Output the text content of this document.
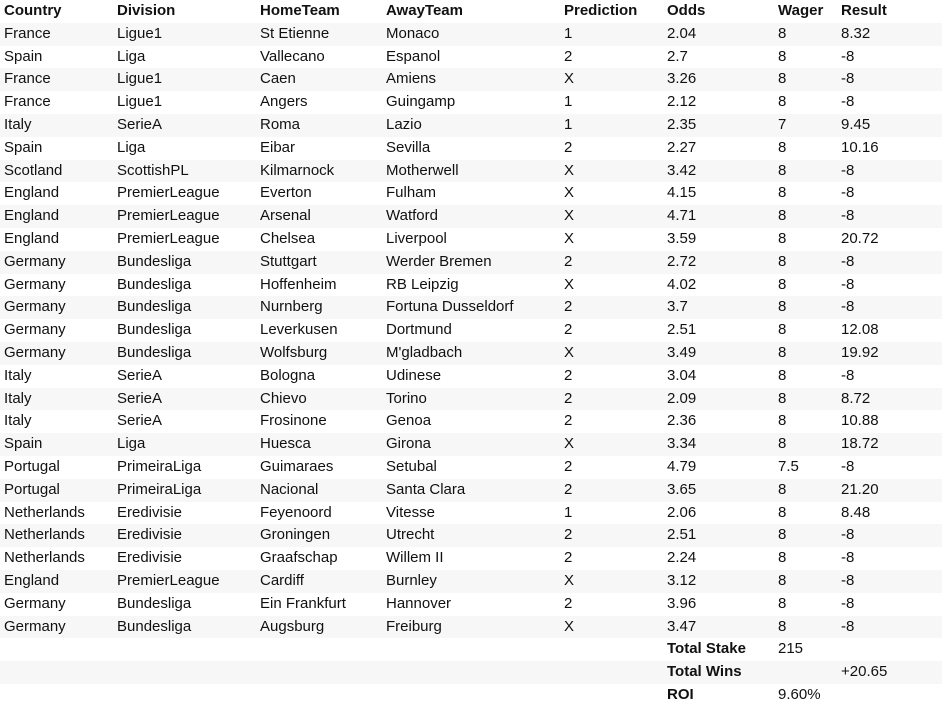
Country	Division	HomeTeam	AwayTeam	Prediction	Odds	Wager	Result
France	Ligue1	St Etienne	Monaco	1	2.04	8	8.32
Spain	Liga	Vallecano	Espanol	2	2.7	8	-8
France	Ligue1	Caen	Amiens	X	3.26	8	-8
France	Ligue1	Angers	Guingamp	1	2.12	8	-8
Italy	SerieA	Roma	Lazio	1	2.35	7	9.45
Spain	Liga	Eibar	Sevilla	2	2.27	8	10.16
Scotland	ScottishPL	Kilmarnock	Motherwell	X	3.42	8	-8
England	PremierLeague	Everton	Fulham	X	4.15	8	-8
England	PremierLeague	Arsenal	Watford	X	4.71	8	-8
England	PremierLeague	Chelsea	Liverpool	X	3.59	8	20.72
Germany	Bundesliga	Stuttgart	Werder Bremen	2	2.72	8	-8
Germany	Bundesliga	Hoffenheim	RB Leipzig	X	4.02	8	-8
Germany	Bundesliga	Nurnberg	Fortuna Dusseldorf	2	3.7	8	-8
Germany	Bundesliga	Leverkusen	Dortmund	2	2.51	8	12.08
Germany	Bundesliga	Wolfsburg	M'gladbach	X	3.49	8	19.92
Italy	SerieA	Bologna	Udinese	2	3.04	8	-8
Italy	SerieA	Chievo	Torino	2	2.09	8	8.72
Italy	SerieA	Frosinone	Genoa	2	2.36	8	10.88
Spain	Liga	Huesca	Girona	X	3.34	8	18.72
Portugal	PrimeiraLiga	Guimaraes	Setubal	2	4.79	7.5	-8
Portugal	PrimeiraLiga	Nacional	Santa Clara	2	3.65	8	21.20
Netherlands	Eredivisie	Feyenoord	Vitesse	1	2.06	8	8.48
Netherlands	Eredivisie	Groningen	Utrecht	2	2.51	8	-8
Netherlands	Eredivisie	Graafschap	Willem II	2	2.24	8	-8
England	PremierLeague	Cardiff	Burnley	X	3.12	8	-8
Germany	Bundesliga	Ein Frankfurt	Hannover	2	3.96	8	-8
Germany	Bundesliga	Augsburg	Freiburg	X	3.47	8	-8
					Total Stake	215	
					Total Wins		+20.65
					ROI	9.60%	
